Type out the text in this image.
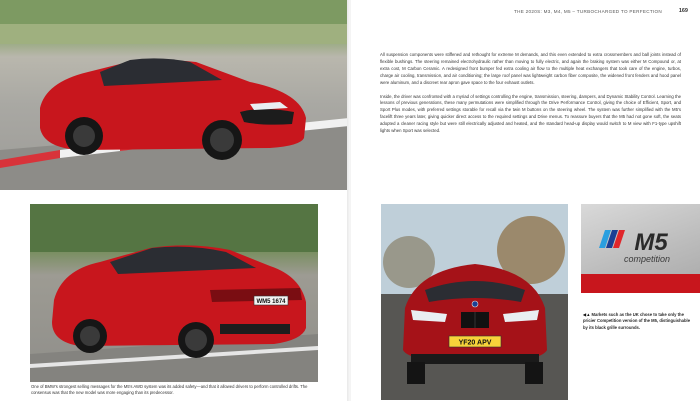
WM5 1674
One of BMW's strongest selling messages for the M5's AWD system was its added safety—and that it allowed drivers to perform controlled drifts. The consensus was that the new model was more engaging than its predecessor.
THE 2020S: M3, M4, M5 – TURBOCHARGED TO PERFECTION	169

All suspension components were stiffened and rethought for extreme M demands, and this even extended to extra crossmembers and ball joints instead of flexible bushings. The steering remained electrohydraulic rather than moving to fully electric, and again the braking system was either M Compound or, at extra cost, M Carbon Ceramic. A redesigned front bumper fed extra cooling air flow to the multiple heat exchangers that took care of the engine, turbos, charge air cooling, transmission, and air conditioning; the large roof panel was lightweight carbon fiber composite, the widened front fenders and hood panel were aluminum, and a discreet rear apron gave space to the four exhaust outlets.

Inside, the driver was confronted with a myriad of settings controlling the engine, transmission, steering, dampers, and Dynamic Stability Control. Learning the lessons of previous generations, these many permutations were simplified through the Drive Performance Control, giving the choice of Efficient, Sport, and Sport Plus modes, with preferred settings storable for recall via the twin M buttons on the steering wheel. The system was further simplified with the M5's facelift three years later, giving quicker direct access to the required settings and Drive menus. To reassure buyers that the M5 had not gone soft, the seats adopted a cleaner racing style but were still electrically adjusted and heated, and the standard head-up display would switch to M view with F1-type upshift lights when Sport was selected.

YF20 APV
M5
competition
◀▲ Markets such as the UK chose to take only the pricier Competition version of the M5, distinguishable by its black grille surrounds.
